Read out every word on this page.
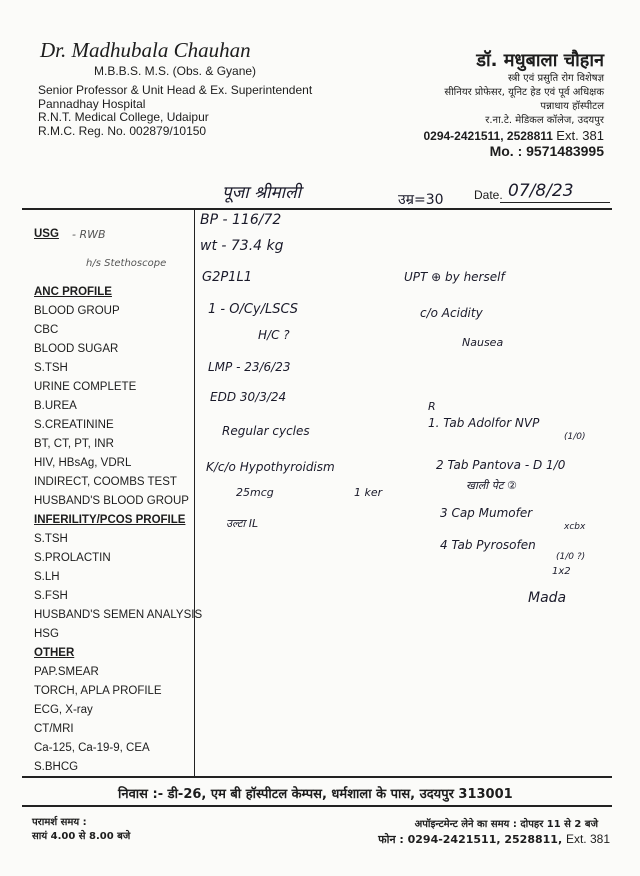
Dr. Madhubala Chauhan
M.B.B.S. M.S. (Obs. & Gyane)
Senior Professor & Unit Head & Ex. Superintendent
Pannadhay Hospital
R.N.T. Medical College, Udaipur
R.M.C. Reg. No. 002879/10150
डॉ. मधुबाला चौहान
स्त्री एवं प्रसुति रोग विशेषज्ञ
सीनियर प्रोफेसर, यूनिट हेड एवं पूर्व अधिक्षक
पन्नाधाय हॉस्पीटल
र.ना.टे. मेडिकल कॉलेज, उदयपुर
0294-2421511, 2528811 Ext. 381
Mo. : 9571483995
पूजा श्रीमाली	उम्र=30	Date. 07/8/23
USG
ANC PROFILE
BLOOD GROUP
CBC
BLOOD SUGAR
S.TSH
URINE COMPLETE
B.UREA
S.CREATININE
BT, CT, PT, INR
HIV, HBsAg, VDRL
INDIRECT, COOMBS TEST
HUSBAND'S BLOOD GROUP
INFERILITY/PCOS PROFILE
S.TSH
S.PROLACTIN
S.LH
S.FSH
HUSBAND'S SEMEN ANALYSIS
HSG
OTHER
PAP.SMEAR
TORCH, APLA PROFILE
ECG, X-ray
CT/MRI
Ca-125, Ca-19-9, CEA
S.BHCG
- RWB
h/s Stethoscope
BP - 116/72
wt - 73.4 kg
G2P1L1
1 - O/Cy/LSCS
H/C ?
LMP - 23/6/23
EDD 30/3/24
Regular cycles
K/c/o Hypothyroidism
25mcg
उल्टा IL
1 ker
UPT ⊕ by herself
c/o Acidity
Nausea
R
1. Tab Adolfor NVP
(1/0)
2 Tab Pantova - D 1/0
खाली पेट ②
3 Cap Mumofer
xcbx
4 Tab Pyrosofen
(1/0 ?)
1x2
Mada
निवास :- डी-26, एम बी हॉस्पीटल केम्पस, धर्मशाला के पास, उदयपुर 313001
परामर्श समय :
सायं 4.00 से 8.00 बजे
अपॉइन्टमेन्ट लेने का समय : दोपहर 11 से 2 बजे
फोन : 0294-2421511, 2528811, Ext. 381
